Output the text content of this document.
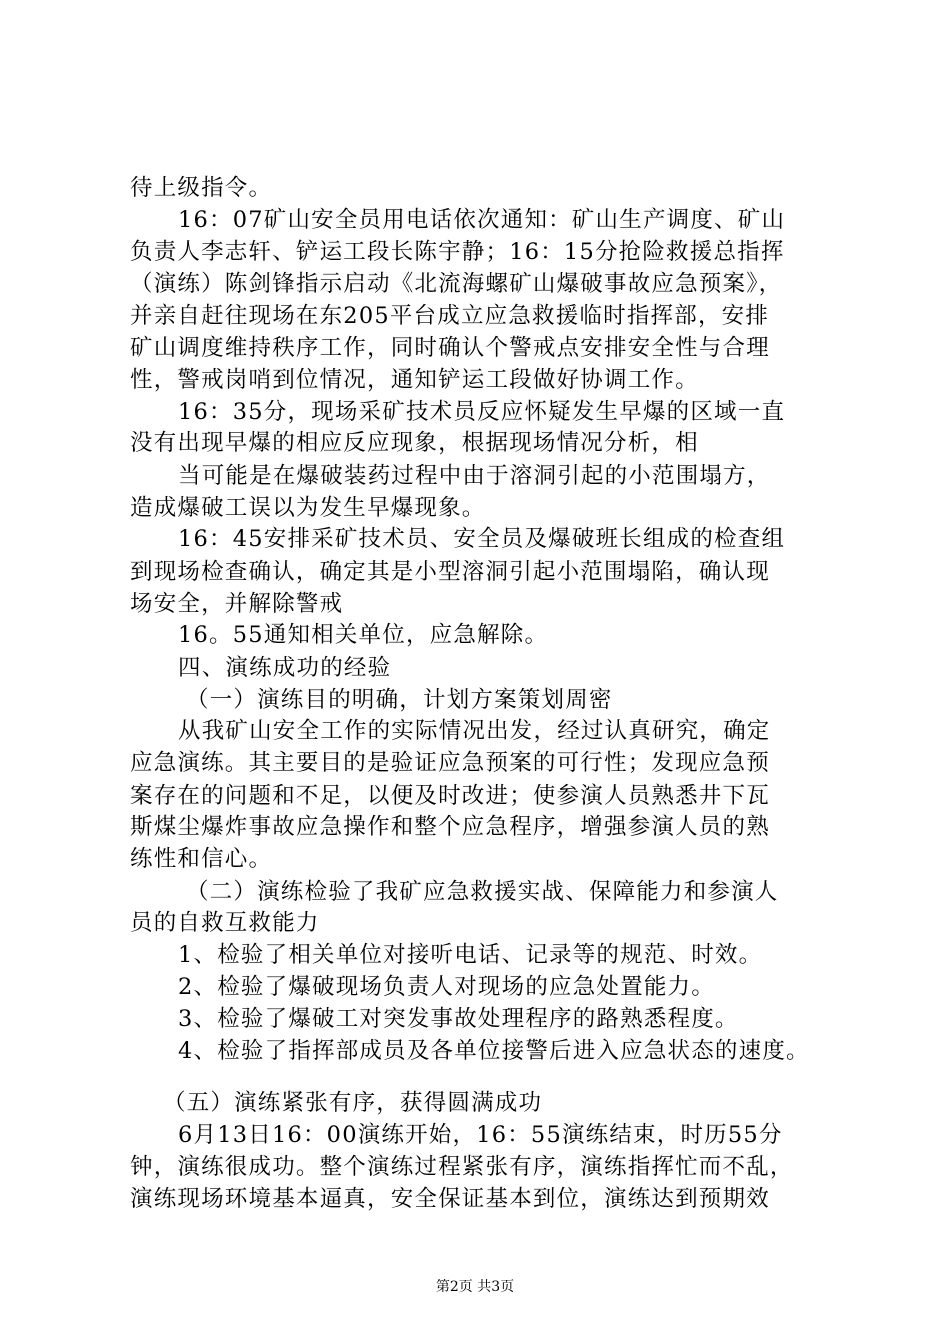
待上级指令。
16：07矿山安全员用电话依次通知：矿山生产调度、矿山
负责人李志轩、铲运工段长陈宇静；16：15分抢险救援总指挥
（演练）陈剑锋指示启动《北流海螺矿山爆破事故应急预案》，
并亲自赶往现场在东205平台成立应急救援临时指挥部，安排
矿山调度维持秩序工作，同时确认个警戒点安排安全性与合理
性，警戒岗哨到位情况，通知铲运工段做好协调工作。
16：35分，现场采矿技术员反应怀疑发生早爆的区域一直
没有出现早爆的相应反应现象，根据现场情况分析，相
当可能是在爆破装药过程中由于溶洞引起的小范围塌方，
造成爆破工误以为发生早爆现象。
16：45安排采矿技术员、安全员及爆破班长组成的检查组
到现场检查确认，确定其是小型溶洞引起小范围塌陷，确认现
场安全，并解除警戒
16。55通知相关单位，应急解除。
四、演练成功的经验
（一）演练目的明确，计划方案策划周密
从我矿山安全工作的实际情况出发，经过认真研究，确定
应急演练。其主要目的是验证应急预案的可行性；发现应急预
案存在的问题和不足，以便及时改进；使参演人员熟悉井下瓦
斯煤尘爆炸事故应急操作和整个应急程序，增强参演人员的熟
练性和信心。
（二）演练检验了我矿应急救援实战、保障能力和参演人
员的自救互救能力
1、检验了相关单位对接听电话、记录等的规范、时效。
2、检验了爆破现场负责人对现场的应急处置能力。
3、检验了爆破工对突发事故处理程序的路熟悉程度。
4、检验了指挥部成员及各单位接警后进入应急状态的速度。
（五）演练紧张有序，获得圆满成功
6月13日16：00演练开始，16：55演练结束，时历55分
钟，演练很成功。整个演练过程紧张有序，演练指挥忙而不乱，
演练现场环境基本逼真，安全保证基本到位，演练达到预期效
第2页 共3页
